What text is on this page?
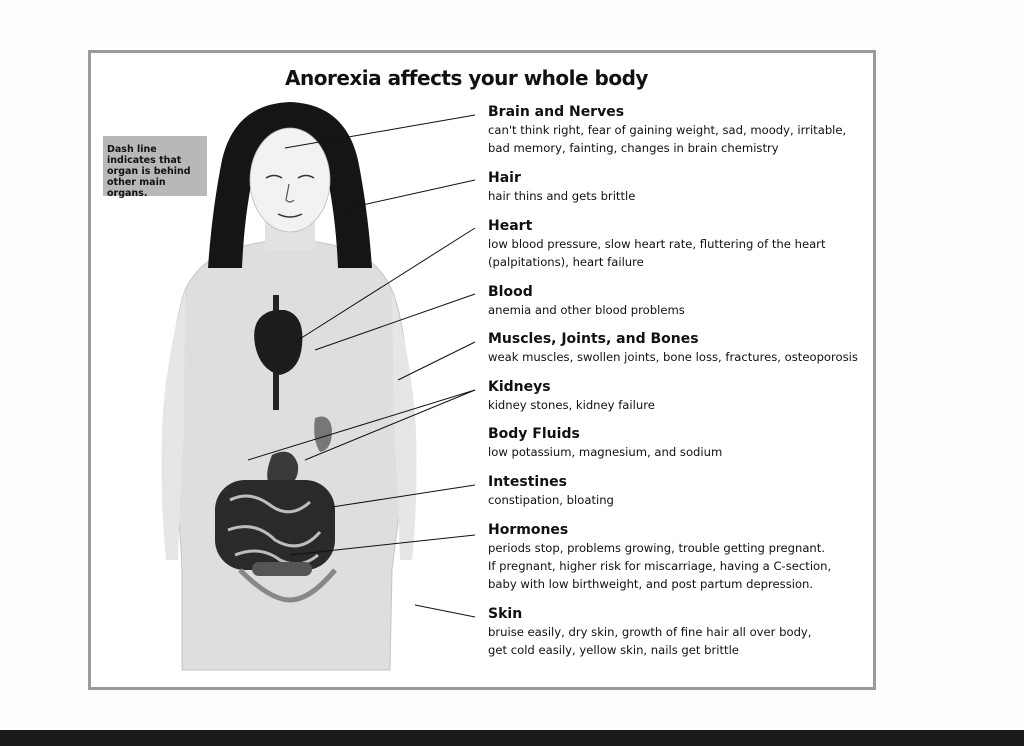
Anorexia affects your whole body
Dash line indicates that organ is behind other main organs.
Brain and Nerves
can't think right, fear of gaining weight, sad, moody, irritable,
bad memory, fainting, changes in brain chemistry
Hair
hair thins and gets brittle
Heart
low blood pressure, slow heart rate, fluttering of the heart
(palpitations), heart failure
Blood
anemia and other blood problems
Muscles, Joints, and Bones
weak muscles, swollen joints, bone loss, fractures, osteoporosis
Kidneys
kidney stones, kidney failure
Body Fluids
low potassium, magnesium, and sodium
Intestines
constipation, bloating
Hormones
periods stop, problems growing, trouble getting pregnant.
If pregnant, higher risk for miscarriage, having a C-section,
baby with low birthweight, and post partum depression.
Skin
bruise easily, dry skin, growth of fine hair all over body,
get cold easily, yellow skin, nails get brittle
